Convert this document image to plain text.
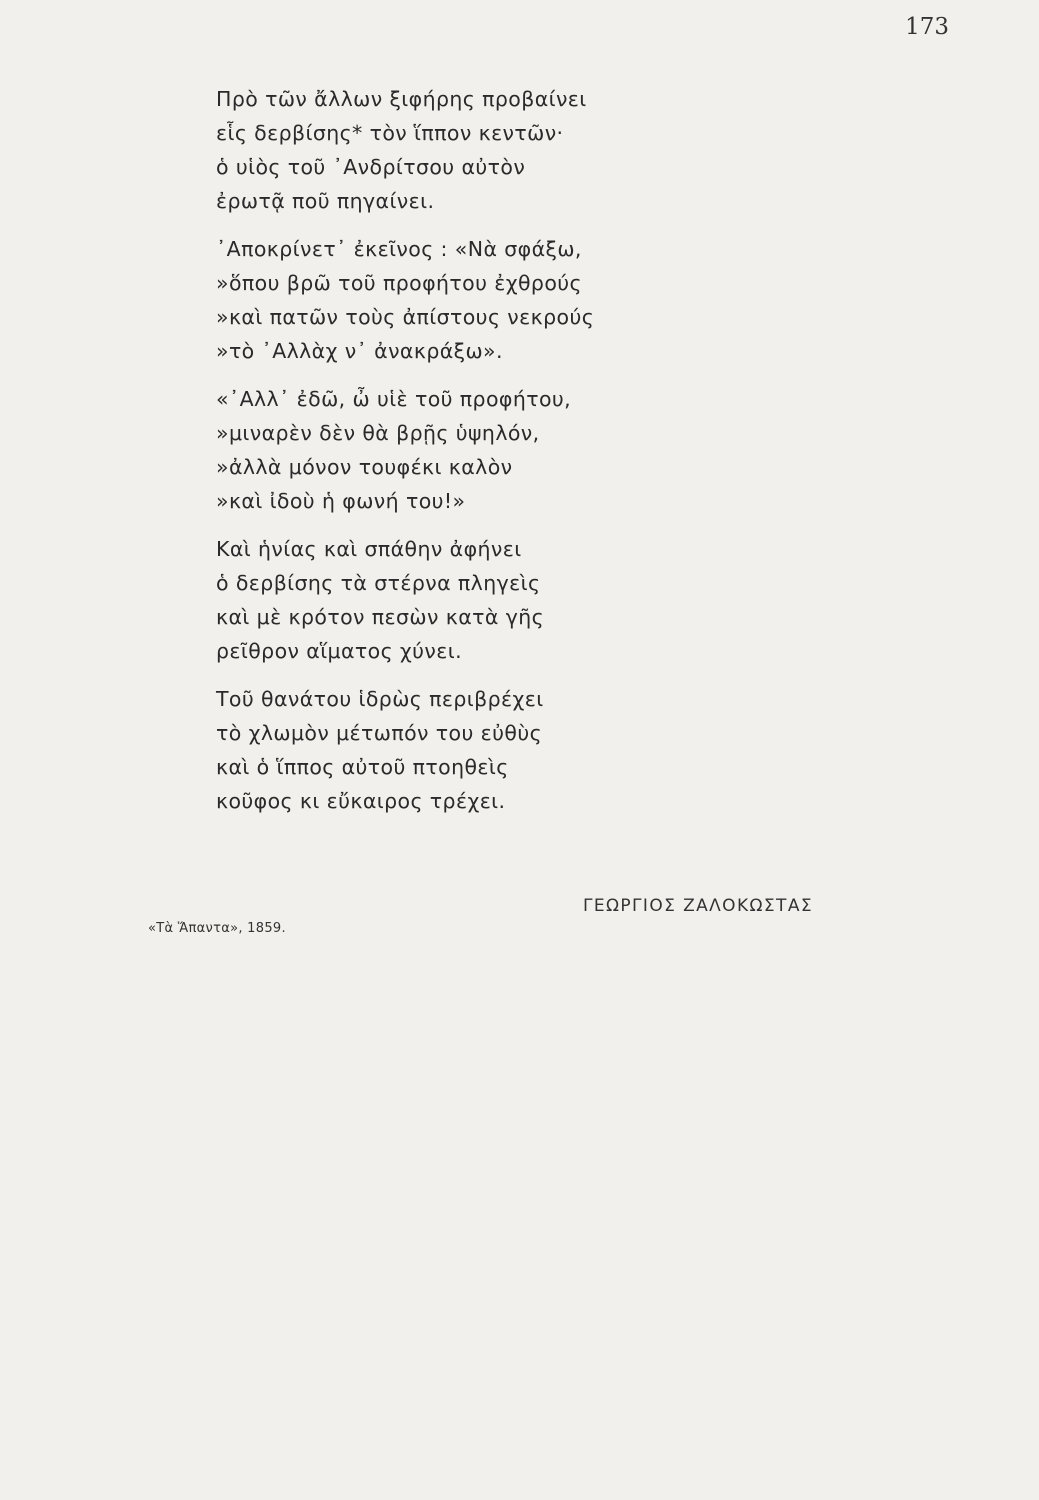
173
Πρὸ τῶν ἄλλων ξιφήρης προβαίνει
εἷς δερβίσης* τὸν ἵππον κεντῶν·
ὁ υἱὸς τοῦ ᾿Ανδρίτσου αὐτὸν
ἐρωτᾷ ποῦ πηγαίνει.
᾿Αποκρίνετ᾿ ἐκεῖνος : «Νὰ σφάξω,
»ὅπου βρῶ τοῦ προφήτου ἐχθρούς
»καὶ πατῶν τοὺς ἀπίστους νεκρούς
»τὸ ᾿Αλλὰχ ν᾿ ἀνακράξω».
«᾿Αλλ᾿ ἐδῶ, ὦ υἱὲ τοῦ προφήτου,
»μιναρὲν δὲν θὰ βρῇς ὑψηλόν,
»ἀλλὰ μόνον τουφέκι καλὸν
»καὶ ἰδοὺ ἡ φωνή του!»
Καὶ ἡνίας καὶ σπάθην ἀφήνει
ὁ δερβίσης τὰ στέρνα πληγεὶς
καὶ μὲ κρότον πεσὼν κατὰ γῆς
ρεῖθρον αἵματος χύνει.
Τοῦ θανάτου ἱδρὼς περιβρέχει
τὸ χλωμὸν μέτωπόν του εὐθὺς
καὶ ὁ ἵππος αὐτοῦ πτοηθεὶς
κοῦφος κι εὔκαιρος τρέχει.
ΓΕΩΡΓΙΟΣ ΖΑΛΟΚΩΣΤΑΣ
«Τὰ Ἅπαντα», 1859.
